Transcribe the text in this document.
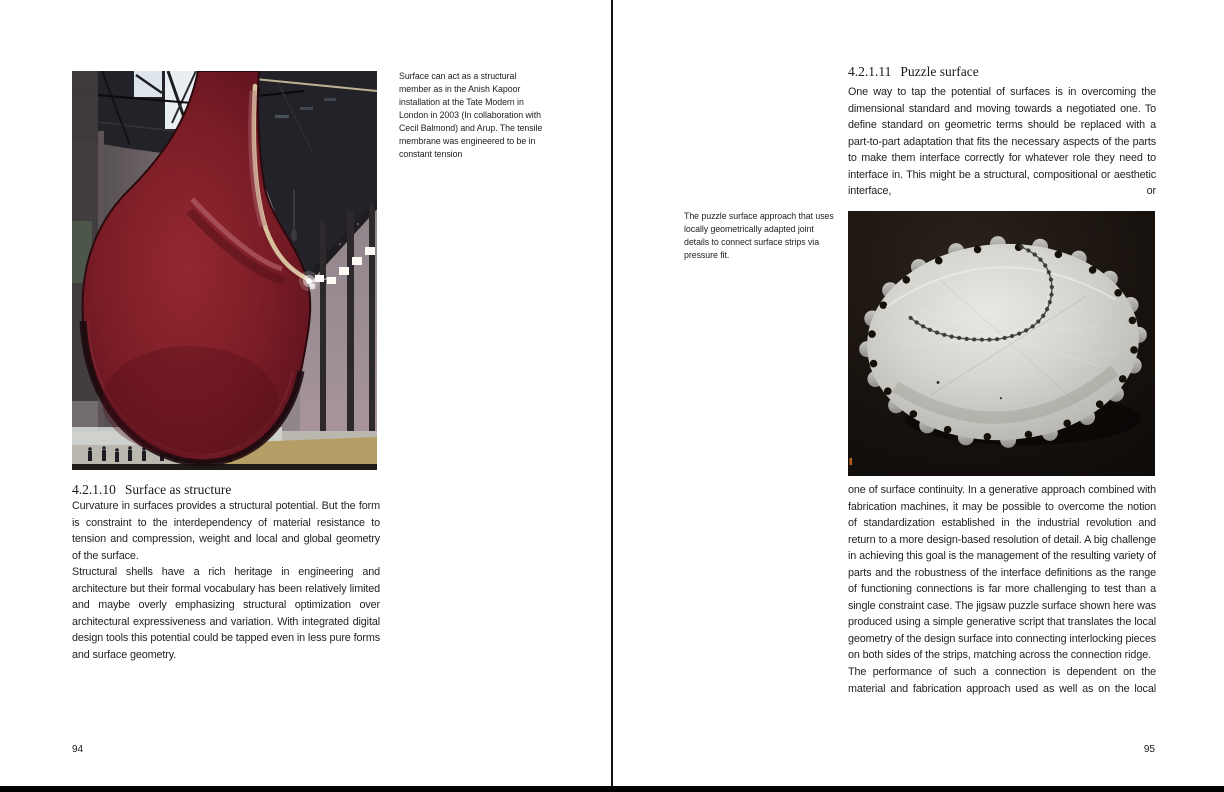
Surface can act as a structural
member as in the Anish Kapoor
installation at the Tate Modern in
London in 2003 (In collaboration with
Cecil Balmond) and Arup. The tensile
membrane was engineered to be in
constant tension
4.2.1.10 Surface as structure

Curvature in surfaces provides a structural potential. But the form is constraint to the interdependency of material resistance to tension and compression, weight and local and global geometry of the surface.

Structural shells have a rich heritage in engineering and architecture but their formal vocabulary has been relatively limited and maybe overly emphasizing structural optimization over architectural expressiveness and variation. With integrated digital design tools this potential could be tapped even in less pure forms and surface geometry.

94
4.2.1.11 Puzzle surface

One way to tap the potential of surfaces is in overcoming the dimensional standard and moving towards a negotiated one. To define standard on geometric terms should be replaced with a part-to-part adaptation that fits the necessary aspects of the parts to make them interface correctly for whatever role they need to interface in. This might be a structural, compositional or aesthetic interface, or

The puzzle surface approach that uses
locally geometrically adapted joint
details to connect surface strips via
pressure fit.

one of surface continuity. In a generative approach combined with fabrication machines, it may be possible to overcome the notion of standardization established in the industrial revolution and return to a more design-based resolution of detail. A big challenge in achieving this goal is the management of the resulting variety of parts and the robustness of the interface definitions as the range of functioning connections is far more challenging to test than a single constraint case. The jigsaw puzzle surface shown here was produced using a simple generative script that translates the local geometry of the design surface into connecting interlocking pieces on both sides of the strips, matching across the connection ridge.

The performance of such a connection is dependent on the material and fabrication approach used as well as on the local

95
